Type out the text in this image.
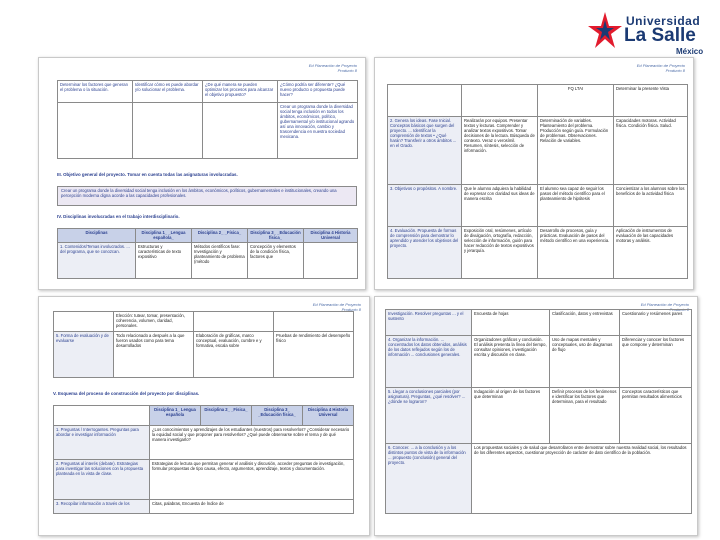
Universidad
La Salle
México
Ed Planeación de Proyecto
Producto 8
Determinar los factores que generan el problema o la situación.	Identificar cómo es puede abordar y/o solucionar el problema.	¿De qué manera se pueden optimizar los procesos para alcanzar el objetivo propuesto?	¿Cómo podría ser diferente? ¿Qué nuevo producto o propuesta puede hacer?
			Crear un programa donde la diversidad social tenga inclusión en todos los ámbitos, económicos, político, gubernamental y/o institucional agrando así una innovación, cambio y trascendencia en nuestra sociedad mexicana.
III. Objetivo general del proyecto. Tomar en cuenta todas las asignaturas involucradas.
Crear un programa donde la diversidad social tenga inclusión en los ámbitos, económicos, políticos, gubernamentales e institucionales, creando una percepción moderna digna acorde a las capacidades profesionales.
IV. Disciplinas involucradas en el trabajo interdisciplinario.
Disciplinas	Disciplina 1_ _Lengua española_	Disciplina 2_ _Física_	Disciplina 3_ _Educación física_	Disciplina 4 Historia Universal
1. Contenidos/Temas involucrados. ... del programa, que se conozcan.	Estructuras y características de texto expositivo	Métodos científicos fase: Investigación y planteamiento de problema (método	Concepción y elementos de la condición física, factores que	
Ed Planeación de Proyecto
Producto 8
		FQ LTAI	Determinar la presente Vista
2. Genera los ideas. Fase Inicial. Conceptos básicos que surgen del proyecto. ... Identificar la comprensión de textos • ¿Qué harán? Transferir a otros ámbitos ... en el Grado.	Realizarán por equipos. Presentar textos y lecturas. Comprender y analizar textos expositivos. Tomar decisiones de la lectura. Búsqueda de contexto. Veraz o verosímil. Resumen, síntesis, selección de información.	Determinación de variables. Planteamiento del problema. Producción según guía. Formulación de problemas. Observaciones. Relación de variables.	Capacidades motoras. Actividad física. Condición física. Salud.
3. Objetivos o propósitos. A nombre.	Que le alumno adquiera la habilidad de expresar con claridad sus ideas de manera escrita	El alumno sea capaz de seguir los pasos del método científico para el planteamiento de hipótesis	Concientizar a los alumnos sobre los beneficios de la actividad física
4. Evaluación. Propuesta de formas de comprensión para demostrar lo aprendido y atender los objetivos del proyecto.	Exposición oral, resúmenes, artículo de divulgación, ortografía, redacción, selección de información, guión para hacer redacción de textos expositivos y jerarquía.	Desarrollo de procesos, guía y prácticas. Evaluación de pasos del método científico en una experiencia.	Aplicación de instrumentos de evaluación de las capacidades motoras y análisis.
Ed Planeación de Proyecto
Producto 8
	Elección: tutear, tomar, presentación, coherencia, volumen, claridad, personales.		
5. Forma de evaluación y de evaluarse	Todo relacionado a después a la que fueron usados como para tema desarrollados	Elaboración de gráficas, marco conceptual, evaluación, cumbre e y formativa, escala sobre	Pruebas de rendimiento del desempeño físico
V. Esquema del proceso de construcción del proyecto por disciplinas.
	Disciplina 1_ Lengua española	Disciplina 2_ _Física_	Disciplina 3_ _Educación física_	Disciplina 4 Historia Universal
1. Preguntas / Interrogantes. Preguntas para abordar e investigar información	¿Los conocimientos y aprendizajes de los estudiantes (nuestros) para resolverlos? ¿Considerar necesario la equidad social y que proponer para resolverlos? ¿Qué puede observarse sobre el tema y de qué manera investigarlo?			
2. Preguntas al interés (debate). Estrategias para investigar las soluciones con la propuesta planteada en la vista de clase.	Estrategias de lectura que permitan generar el análisis y discusión, acceder preguntas de investigación, formular propuestas de tipo causa, efecto, argumentos, aprendizaje, textos y documentación.			
3. Recopilar información a través de los	Citas, palabras, Encuesta de Índice de			
Ed Planeación de Proyecto
Producto 8
Investigación. Resolver preguntas ... y el sustento	Encuesta de hojas	Clasificación, datos y entrevistas	Cuestionario y resúmenes pares
4. Organizar la información. ... concentrados los datos obtenidos, análisis de los datos reflejados según los de información ... conclusiones generales.	Organizadores gráficos y conclusión. El análisis presenta la línea del tiempo, consultar opiniones, investigación escrita y discusión en clase.	Uso de mapas mentales y conceptuales, uso de diagramas de flujo	Diferenciar y conocer los factores que compone y determinan
5. Llegar a conclusiones parciales (por asignatura). Preguntas, ¿qué resolver? ... ¿dónde se lograron?	Indagación al origen de los factores que determinan	Definir procesos de los fenómenos e identificar los factores que determinan, para el resultado	Conceptos característicos que permitan resultados alimenticios
6. Conocer. ... a la conclusión y a los distintos puntos de vista de la información ... propuesto (conclusión) general del proyecto.	Los propuestas sociales y de salud que desarrollaron entre demostrar sobre nuestra realidad social, los resultados de los diferentes aspectos, cuestionar proyección de carácter de dato científico de la población.		
